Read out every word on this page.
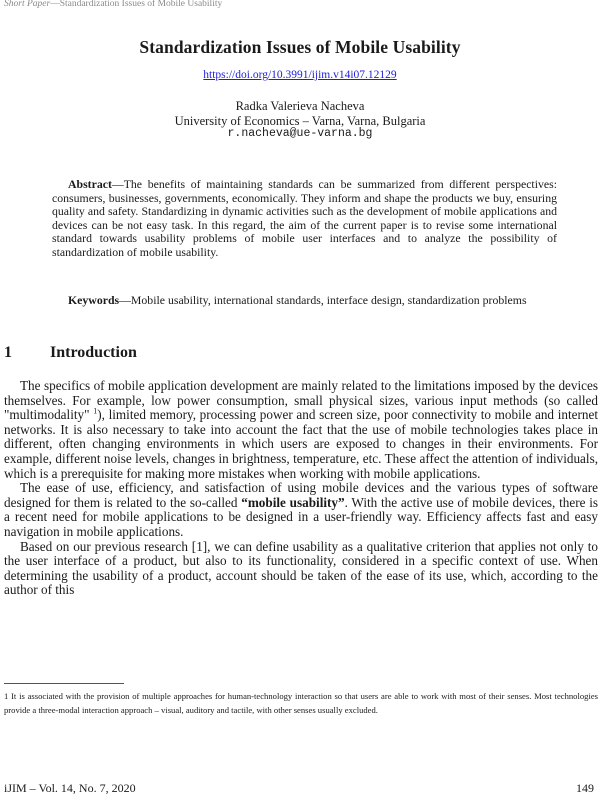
Short Paper—Standardization Issues of Mobile Usability
Standardization Issues of Mobile Usability
https://doi.org/10.3991/ijim.v14i07.12129
Radka Valerieva Nacheva
University of Economics – Varna, Varna, Bulgaria
r.nacheva@ue-varna.bg

Abstract—The benefits of maintaining standards can be summarized from different perspectives: consumers, businesses, governments, economically. They inform and shape the products we buy, ensuring quality and safety. Standardizing in dynamic activities such as the development of mobile applications and devices can be not easy task. In this regard, the aim of the current paper is to revise some international standard towards usability problems of mobile user interfaces and to analyze the possibility of standardization of mobile usability.

Keywords—Mobile usability, international standards, interface design, standardization problems

1 Introduction

The specifics of mobile application development are mainly related to the limitations imposed by the devices themselves. For example, low power consumption, small physical sizes, various input methods (so called "multimodality" $^1$), limited memory, processing power and screen size, poor connectivity to mobile and internet networks. It is also necessary to take into account the fact that the use of mobile technologies takes place in different, often changing environments in which users are exposed to changes in their environments. For example, different noise levels, changes in brightness, temperature, etc. These affect the attention of individuals, which is a prerequisite for making more mistakes when working with mobile applications.

The ease of use, efficiency, and satisfaction of using mobile devices and the various types of software designed for them is related to the so-called “mobile usability”. With the active use of mobile devices, there is a recent need for mobile applications to be designed in a user-friendly way. Efficiency affects fast and easy navigation in mobile applications.

Based on our previous research [1], we can define usability as a qualitative criterion that applies not only to the user interface of a product, but also to its functionality, considered in a specific context of use. When determining the usability of a product, account should be taken of the ease of its use, which, according to the author of this

1 It is associated with the provision of multiple approaches for human-technology interaction so that users are able to work with most of their senses. Most technologies provide a three-modal interaction approach – visual, auditory and tactile, with other senses usually excluded.

iJIM – Vol. 14, No. 7, 2020	149
